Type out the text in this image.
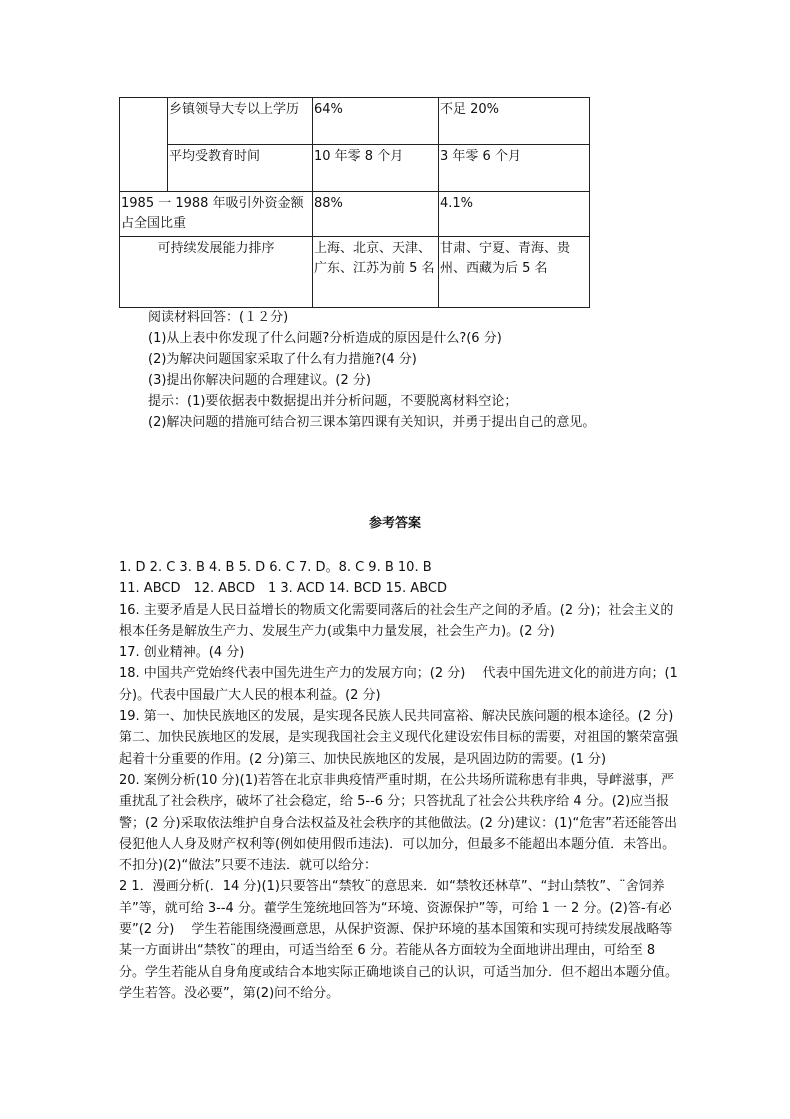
	乡镇领导大专以上学历	64%	不足 20%
	平均受教育时间	10 年零 8 个月	3 年零 6 个月
1985 一 1988 年吸引外资金额占全国比重		88%	4.1%
可持续发展能力排序		上海、北京、天津、广东、江苏为前 5 名	甘肃、宁夏、青海、贵州、西藏为后 5 名
阅读材料回答：(１２分)
(1)从上表中你发现了什么问题?分析造成的原因是什么?(6 分)
(2)为解决问题国家采取了什么有力措施?(4 分)
(3)提出你解决问题的合理建议。(2 分)
提示：(1)要依据表中数据提出并分析问题，不要脱离材料空论；
(2)解决问题的措施可结合初三课本第四课有关知识，并勇于提出自己的意见。
参考答案

1. D 2. C 3. B 4. B 5. D 6. C 7. D。8. C 9. B 10. B

11. ABCD　12. ABCD　1 3. ACD 14. BCD 15. ABCD

16. 主要矛盾是人民日益增长的物质文化需要同落后的社会生产之间的矛盾。(2 分)；社会主义的根本任务是解放生产力、发展生产力(或集中力量发展，社会生产力)。(2 分)

17. 创业精神。(4 分)

18. 中国共产党始终代表中国先进生产力的发展方向；(2 分)　 代表中国先进文化的前进方向；(1 分)。代表中国最广大人民的根本利益。(2 分)

19. 第一、加快民族地区的发展，是实现各民族人民共同富裕、解决民族问题的根本途径。(2 分)　 第二、加快民族地区的发展，是实现我国社会主义现代化建设宏伟目标的需要，对祖国的繁荣富强起着十分重要的作用。(2 分)第三、加快民族地区的发展，是巩固边防的需要。(1 分)

20. 案例分析(10 分)(1)若答在北京非典疫情严重时期，在公共场所谎称患有非典，导衅滋事，严重扰乱了社会秩序，破坏了社会稳定，给 5--6 分；只答扰乱了社会公共秩序给 4 分。(2)应当报警；(2 分)采取依法维护自身合法权益及社会秩序的其他做法。(2 分)建议：(1)“危害”若还能答出侵犯他人人身及财产权利等(例如使用假币违法)．可以加分，但最多不能超出本题分值．未答出。不扣分)(2)“做法”只要不违法．就可以给分：

2 1．漫画分析(．14 分)(1)只要答出“禁牧¨的意思来．如“禁牧还林草”、“封山禁牧”、¨舍饲养羊”等，就可给 3--4 分。藿学生笼统地回答为“环境、资源保护”等，可给 1 一 2 分。(2)答-有必要”(2 分)　 学生若能围绕漫画意思，从保护资源、保护环境的基本国策和实现可持续发展战略等某一方面讲出“禁牧¨的理由，可适当给至 6 分。若能从各方面较为全面地讲出理由，可给至 8 分。学生若能从自身角度或结合本地实际正确地谈自己的认识，可适当加分．但不超出本题分值。学生若答。没必要”，第(2)问不给分。
